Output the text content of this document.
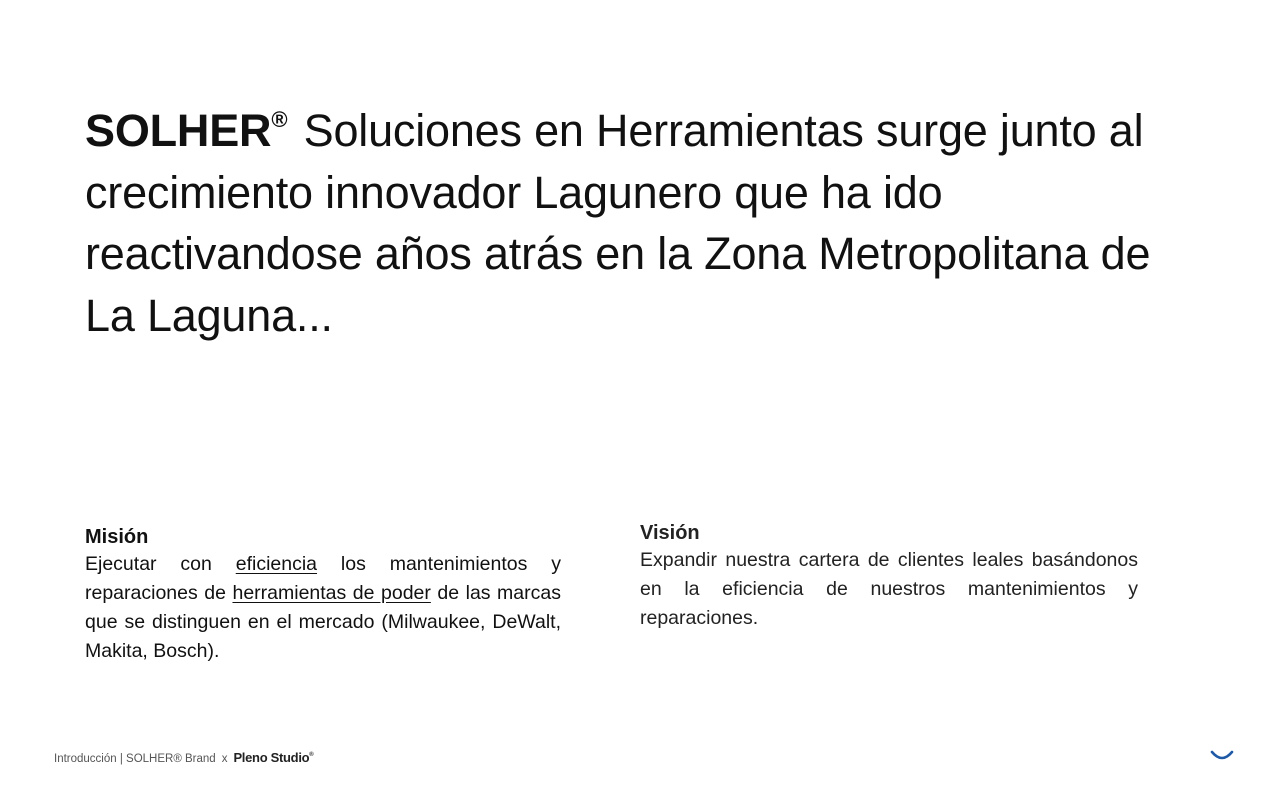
SOLHER® Soluciones en Herramientas surge junto al crecimiento innovador Lagunero que ha ido reactivandose años atrás en la Zona Metropolitana de La Laguna...
Misión

Ejecutar con eficiencia los mantenimientos y reparaciones de herramientas de poder de las marcas que se distinguen en el mercado (Milwaukee, DeWalt, Makita, Bosch).

Visión

Expandir nuestra cartera de clientes leales basándonos en la eficiencia de nuestros mantenimientos y reparaciones.

Introducción | SOLHER® Brand x Pleno Studio®
